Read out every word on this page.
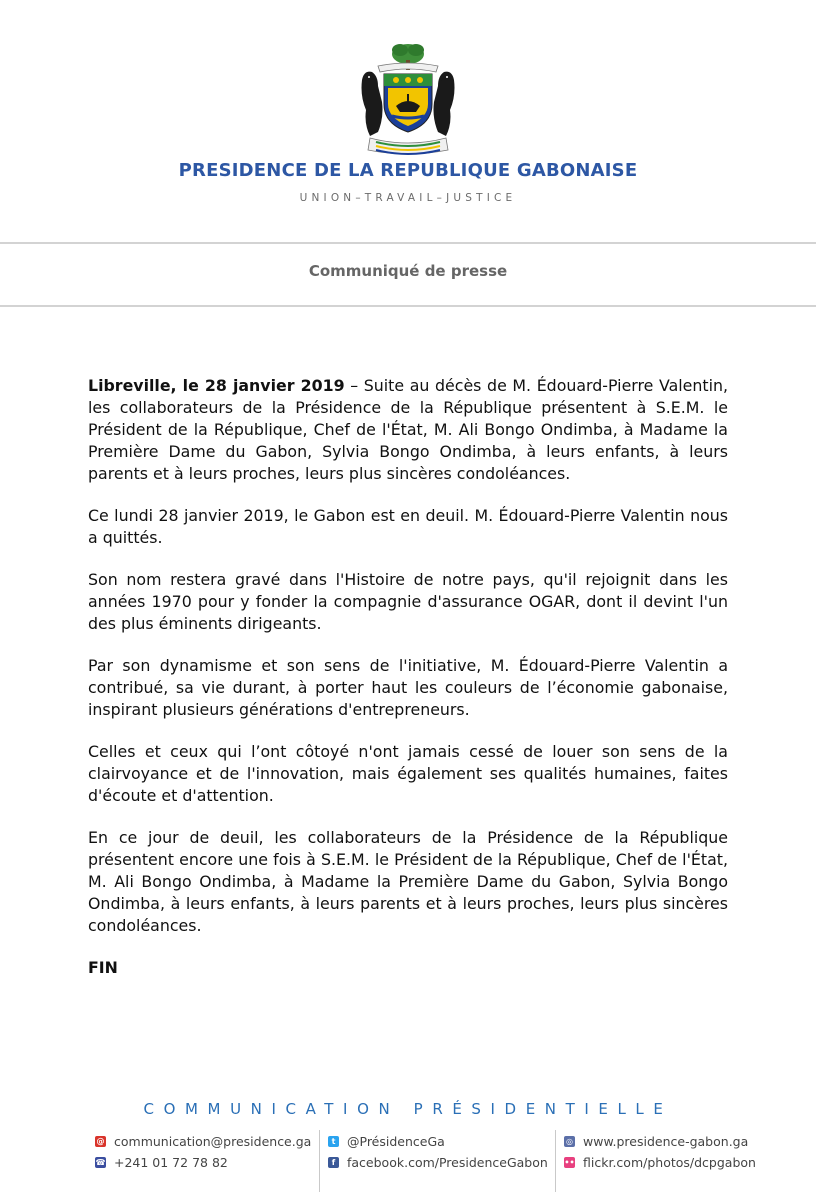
PRESIDENCE DE LA REPUBLIQUE GABONAISE
UNION–TRAVAIL–JUSTICE
Communiqué de presse

Libreville, le 28 janvier 2019 – Suite au décès de M. Édouard-Pierre Valentin, les collaborateurs de la Présidence de la République présentent à S.E.M. le Président de la République, Chef de l'État, M. Ali Bongo Ondimba, à Madame la Première Dame du Gabon, Sylvia Bongo Ondimba, à leurs enfants, à leurs parents et à leurs proches, leurs plus sincères condoléances.

Ce lundi 28 janvier 2019, le Gabon est en deuil. M. Édouard-Pierre Valentin nous a quittés.

Son nom restera gravé dans l'Histoire de notre pays, qu'il rejoignit dans les années 1970 pour y fonder la compagnie d'assurance OGAR, dont il devint l'un des plus éminents dirigeants.

Par son dynamisme et son sens de l'initiative, M. Édouard-Pierre Valentin a contribué, sa vie durant, à porter haut les couleurs de l’économie gabonaise, inspirant plusieurs générations d'entrepreneurs.

Celles et ceux qui l’ont côtoyé n'ont jamais cessé de louer son sens de la clairvoyance et de l'innovation, mais également ses qualités humaines, faites d'écoute et d'attention.

En ce jour de deuil, les collaborateurs de la Présidence de la République présentent encore une fois à S.E.M. le Président de la République, Chef de l'État, M. Ali Bongo Ondimba, à Madame la Première Dame du Gabon, Sylvia Bongo Ondimba, à leurs enfants, à leurs parents et à leurs proches, leurs plus sincères condoléances.

FIN

COMMUNICATION PRÉSIDENTIELLE
@ communication@presidence.ga
☎ +241 01 72 78 82
t @PrésidenceGa
f facebook.com/PresidenceGabon
◎ www.presidence-gabon.ga
•• flickr.com/photos/dcpgabon
